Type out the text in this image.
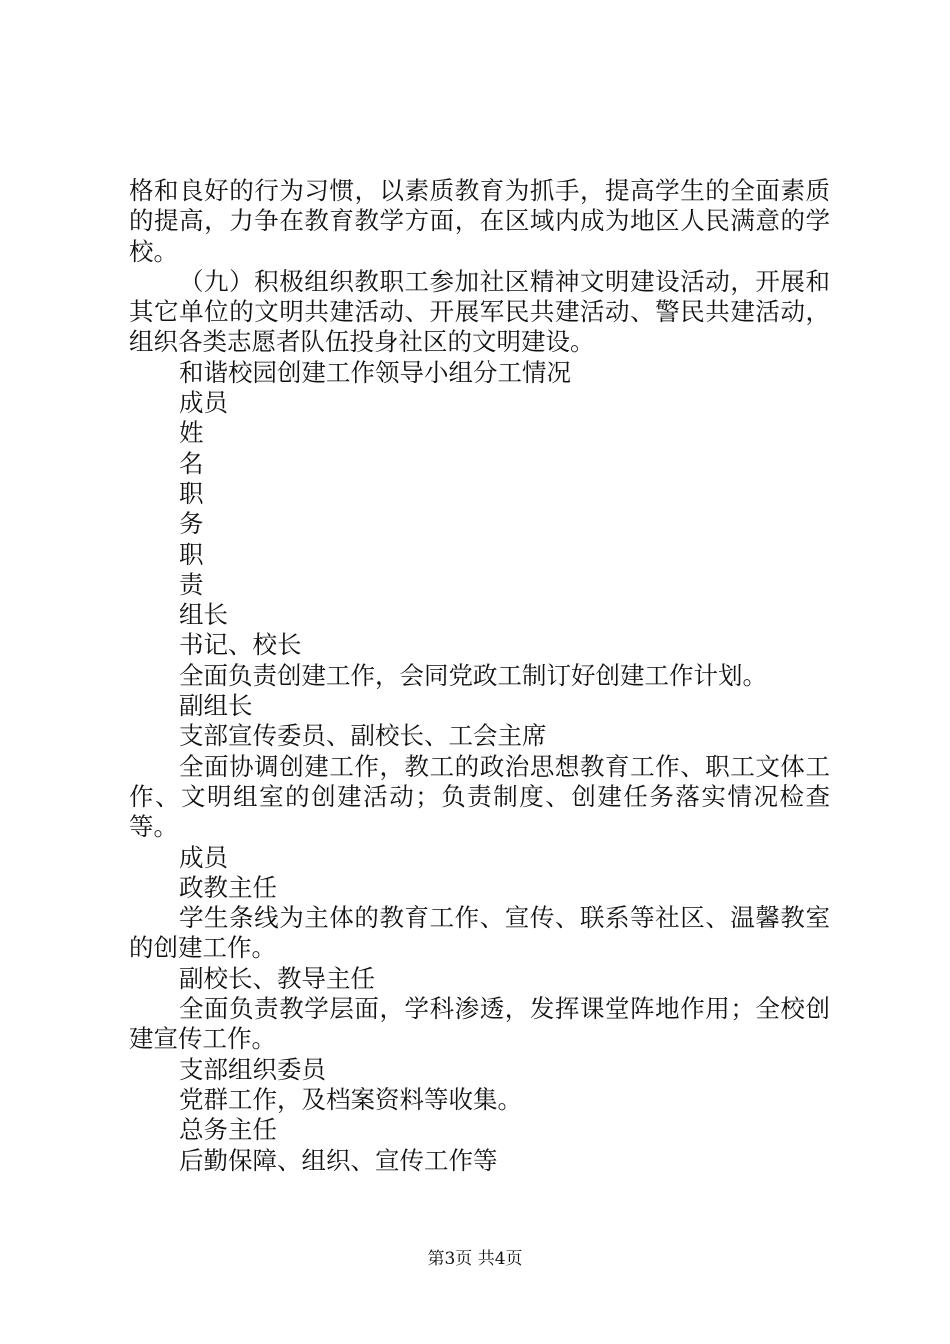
格和良好的行为习惯，以素质教育为抓手，提高学生的全面素质的提高，力争在教育教学方面，在区域内成为地区人民满意的学校。

（九）积极组织教职工参加社区精神文明建设活动，开展和其它单位的文明共建活动、开展军民共建活动、警民共建活动，组织各类志愿者队伍投身社区的文明建设。

和谐校园创建工作领导小组分工情况

成员

姓

名

职

务

职

责

组长

书记、校长

全面负责创建工作，会同党政工制订好创建工作计划。

副组长

支部宣传委员、副校长、工会主席

全面协调创建工作，教工的政治思想教育工作、职工文体工作、文明组室的创建活动；负责制度、创建任务落实情况检查等。

成员

政教主任

学生条线为主体的教育工作、宣传、联系等社区、温馨教室的创建工作。

副校长、教导主任

全面负责教学层面，学科渗透，发挥课堂阵地作用；全校创建宣传工作。

支部组织委员

党群工作，及档案资料等收集。

总务主任

后勤保障、组织、宣传工作等

第3页 共4页
